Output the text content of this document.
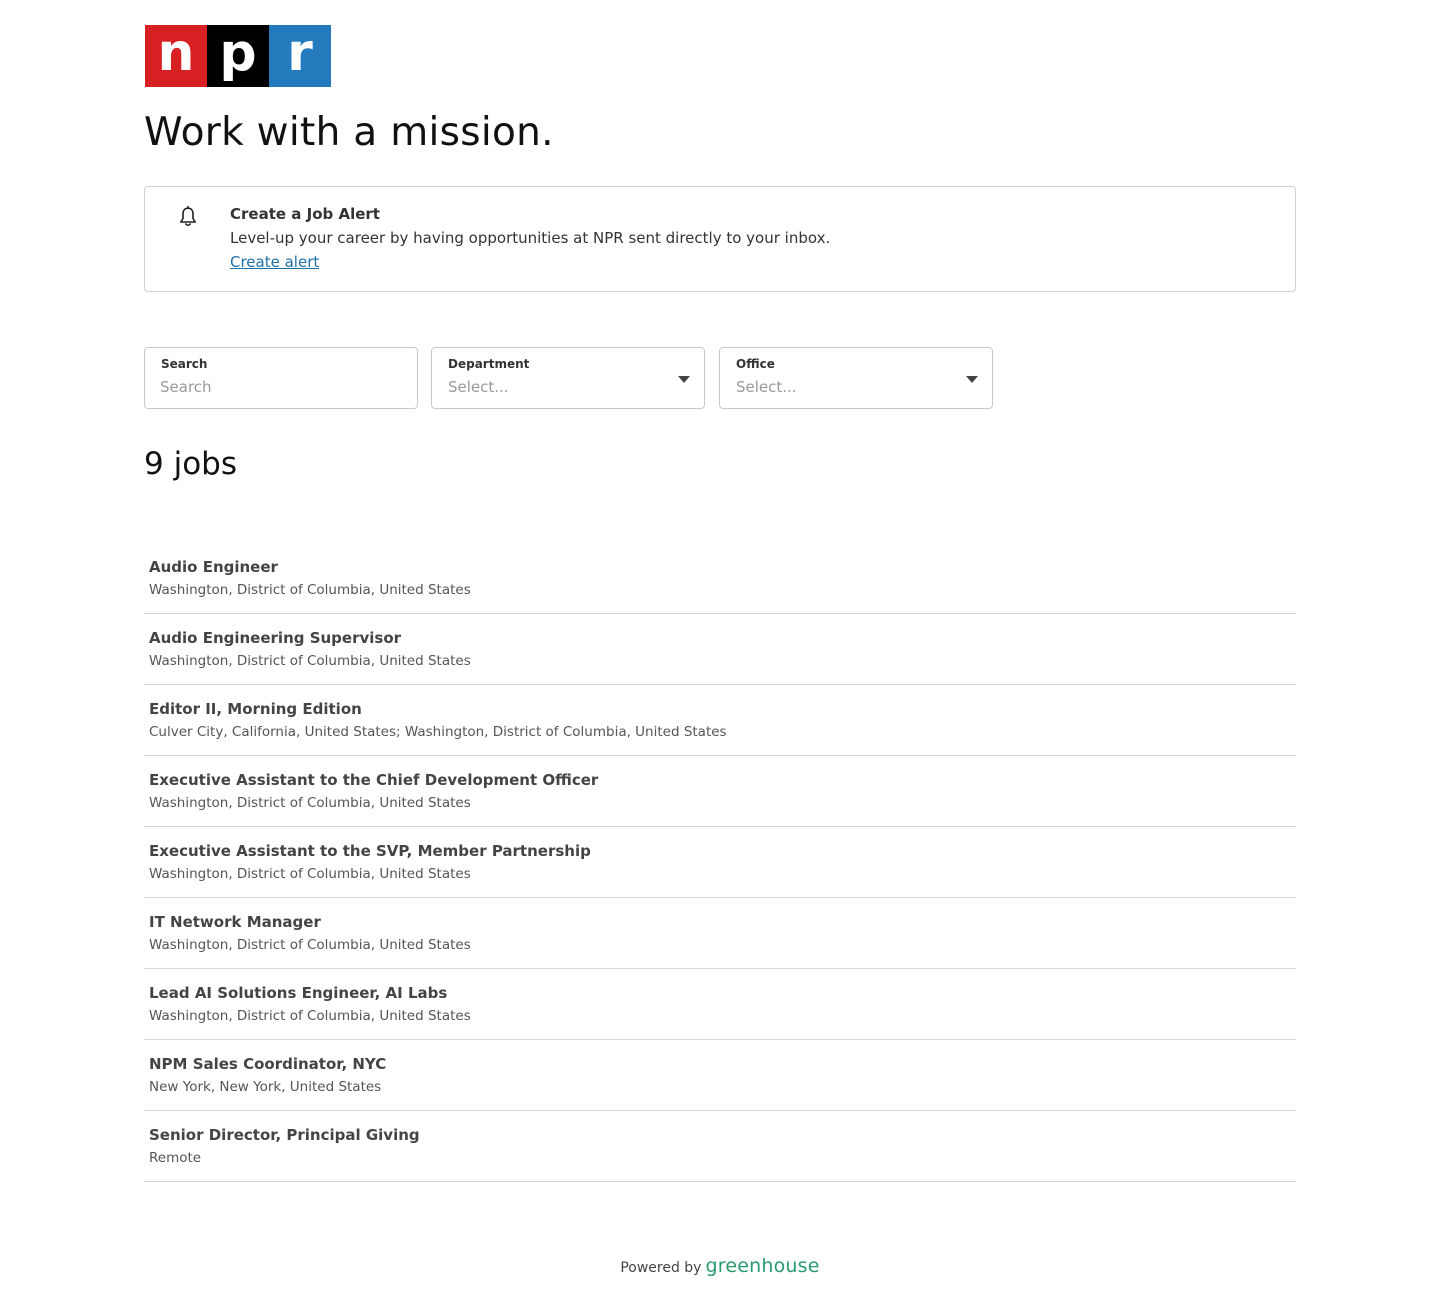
n p r
Work with a mission.
Create a Job Alert
Level-up your career by having opportunities at NPR sent directly to your inbox.
Create alert
Search
Search	Department
Select...
Office
Select...
9 jobs
Audio Engineer
Washington, District of Columbia, United States
Audio Engineering Supervisor
Washington, District of Columbia, United States
Editor II, Morning Edition
Culver City, California, United States; Washington, District of Columbia, United States
Executive Assistant to the Chief Development Officer
Washington, District of Columbia, United States
Executive Assistant to the SVP, Member Partnership
Washington, District of Columbia, United States
IT Network Manager
Washington, District of Columbia, United States
Lead AI Solutions Engineer, AI Labs
Washington, District of Columbia, United States
NPM Sales Coordinator, NYC
New York, New York, United States
Senior Director, Principal Giving
Remote
Powered by greenhouse
